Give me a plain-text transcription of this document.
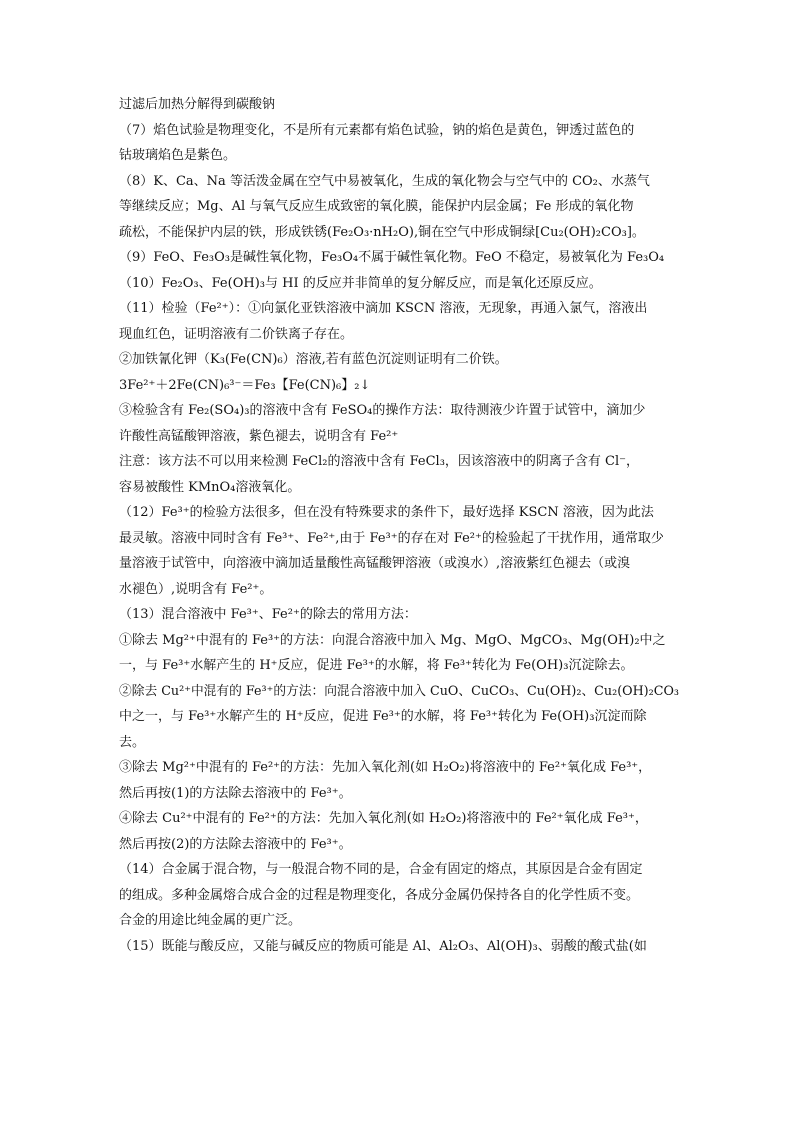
过滤后加热分解得到碳酸钠
（7）焰色试验是物理变化，不是所有元素都有焰色试验，钠的焰色是黄色，钾透过蓝色的
钴玻璃焰色是紫色。
（8）K、Ca、Na 等活泼金属在空气中易被氧化，生成的氧化物会与空气中的 CO₂、水蒸气
等继续反应；Mg、Al 与氧气反应生成致密的氧化膜，能保护内层金属；Fe 形成的氧化物
疏松，不能保护内层的铁，形成铁锈(Fe₂O₃·nH₂O),铜在空气中形成铜绿[Cu₂(OH)₂CO₃]。
（9）FeO、Fe₃O₃是碱性氧化物，Fe₃O₄不属于碱性氧化物。FeO 不稳定，易被氧化为 Fe₃O₄
（10）Fe₂O₃、Fe(OH)₃与 HI 的反应并非简单的复分解反应，而是氧化还原反应。
（11）检验（Fe²⁺）：①向氯化亚铁溶液中滴加 KSCN 溶液，无现象，再通入氯气，溶液出
现血红色，证明溶液有二价铁离子存在。
②加铁氰化钾（K₃(Fe(CN)₆）溶液,若有蓝色沉淀则证明有二价铁。
3Fe²⁺＋2Fe(CN)₆³⁻＝Fe₃【Fe(CN)₆】₂↓
③检验含有 Fe₂(SO₄)₃的溶液中含有 FeSO₄的操作方法：取待测液少许置于试管中，滴加少
许酸性高锰酸钾溶液，紫色褪去，说明含有 Fe²⁺
注意：该方法不可以用来检测 FeCl₂的溶液中含有 FeCl₃，因该溶液中的阴离子含有 Cl⁻，
容易被酸性 KMnO₄溶液氧化。
（12）Fe³⁺的检验方法很多，但在没有特殊要求的条件下，最好选择 KSCN 溶液，因为此法
最灵敏。溶液中同时含有 Fe³⁺、Fe²⁺,由于 Fe³⁺的存在对 Fe²⁺的检验起了干扰作用，通常取少
量溶液于试管中，向溶液中滴加适量酸性高锰酸钾溶液（或溴水）,溶液紫红色褪去（或溴
水褪色）,说明含有 Fe²⁺。
（13）混合溶液中 Fe³⁺、Fe²⁺的除去的常用方法：
①除去 Mg²⁺中混有的 Fe³⁺的方法：向混合溶液中加入 Mg、MgO、MgCO₃、Mg(OH)₂中之
一，与 Fe³⁺水解产生的 H⁺反应，促进 Fe³⁺的水解，将 Fe³⁺转化为 Fe(OH)₃沉淀除去。
②除去 Cu²⁺中混有的 Fe³⁺的方法：向混合溶液中加入 CuO、CuCO₃、Cu(OH)₂、Cu₂(OH)₂CO₃
中之一，与 Fe³⁺水解产生的 H⁺反应，促进 Fe³⁺的水解，将 Fe³⁺转化为 Fe(OH)₃沉淀而除
去。
③除去 Mg²⁺中混有的 Fe²⁺的方法：先加入氧化剂(如 H₂O₂)将溶液中的 Fe²⁺氧化成 Fe³⁺，
然后再按(1)的方法除去溶液中的 Fe³⁺。
④除去 Cu²⁺中混有的 Fe²⁺的方法：先加入氧化剂(如 H₂O₂)将溶液中的 Fe²⁺氧化成 Fe³⁺，
然后再按(2)的方法除去溶液中的 Fe³⁺。
（14）合金属于混合物，与一般混合物不同的是，合金有固定的熔点，其原因是合金有固定
的组成。多种金属熔合成合金的过程是物理变化，各成分金属仍保持各自的化学性质不变。
合金的用途比纯金属的更广泛。
（15）既能与酸反应，又能与碱反应的物质可能是 Al、Al₂O₃、Al(OH)₃、弱酸的酸式盐(如
